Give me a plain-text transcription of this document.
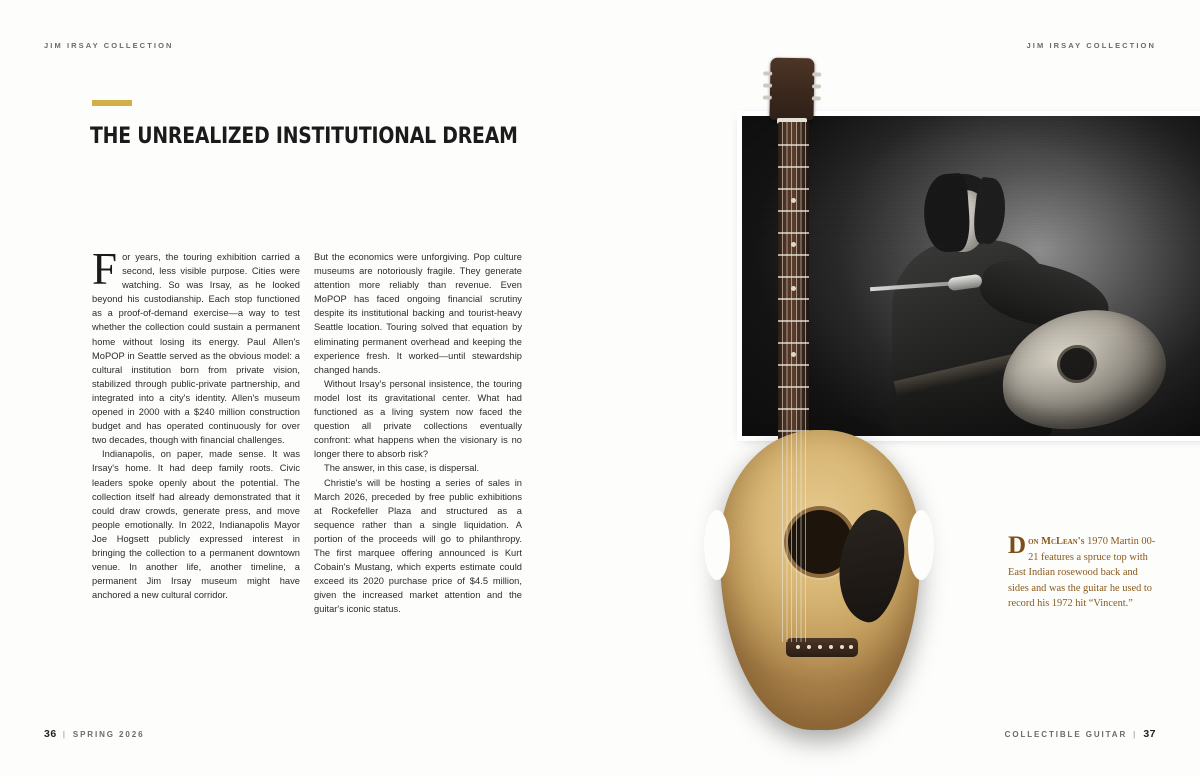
JIM IRSAY COLLECTION	JIM IRSAY COLLECTION
THE UNREALIZED INSTITUTIONAL DREAM

For years, the touring exhibition carried a second, less visible purpose. Cities were watching. So was Irsay, as he looked beyond his custodianship. Each stop functioned as a proof-of-demand exercise—a way to test whether the collection could sustain a permanent home without losing its energy. Paul Allen's MoPOP in Seattle served as the obvious model: a cultural institution born from private vision, stabilized through public-private partnership, and integrated into a city's identity. Allen's museum opened in 2000 with a $240 million construction budget and has operated continuously for over two decades, though with financial challenges.

Indianapolis, on paper, made sense. It was Irsay's home. It had deep family roots. Civic leaders spoke openly about the potential. The collection itself had already demonstrated that it could draw crowds, generate press, and move people emotionally. In 2022, Indianapolis Mayor Joe Hogsett publicly expressed interest in bringing the collection to a permanent downtown venue. In another life, another timeline, a permanent Jim Irsay museum might have anchored a new cultural corridor.

But the economics were unforgiving. Pop culture museums are notoriously fragile. They generate attention more reliably than revenue. Even MoPOP has faced ongoing financial scrutiny despite its institutional backing and tourist-heavy Seattle location. Touring solved that equation by eliminating permanent overhead and keeping the experience fresh. It worked—until stewardship changed hands.

Without Irsay's personal insistence, the touring model lost its gravitational center. What had functioned as a living system now faced the question all private collections eventually confront: what happens when the visionary is no longer there to absorb risk?

The answer, in this case, is dispersal.

Christie's will be hosting a series of sales in March 2026, preceded by free public exhibitions at Rockefeller Plaza and structured as a sequence rather than a single liquidation. A portion of the proceeds will go to philanthropy. The first marquee offering announced is Kurt Cobain's Mustang, which experts estimate could exceed its 2020 purchase price of $4.5 million, given the increased market attention and the guitar's iconic status.

Don McLean's 1970 Martin 00-21 features a spruce top with East Indian rosewood back and sides and was the guitar he used to record his 1972 hit “Vincent.”
36 | SPRING 2026	COLLECTIBLE GUITAR | 37
